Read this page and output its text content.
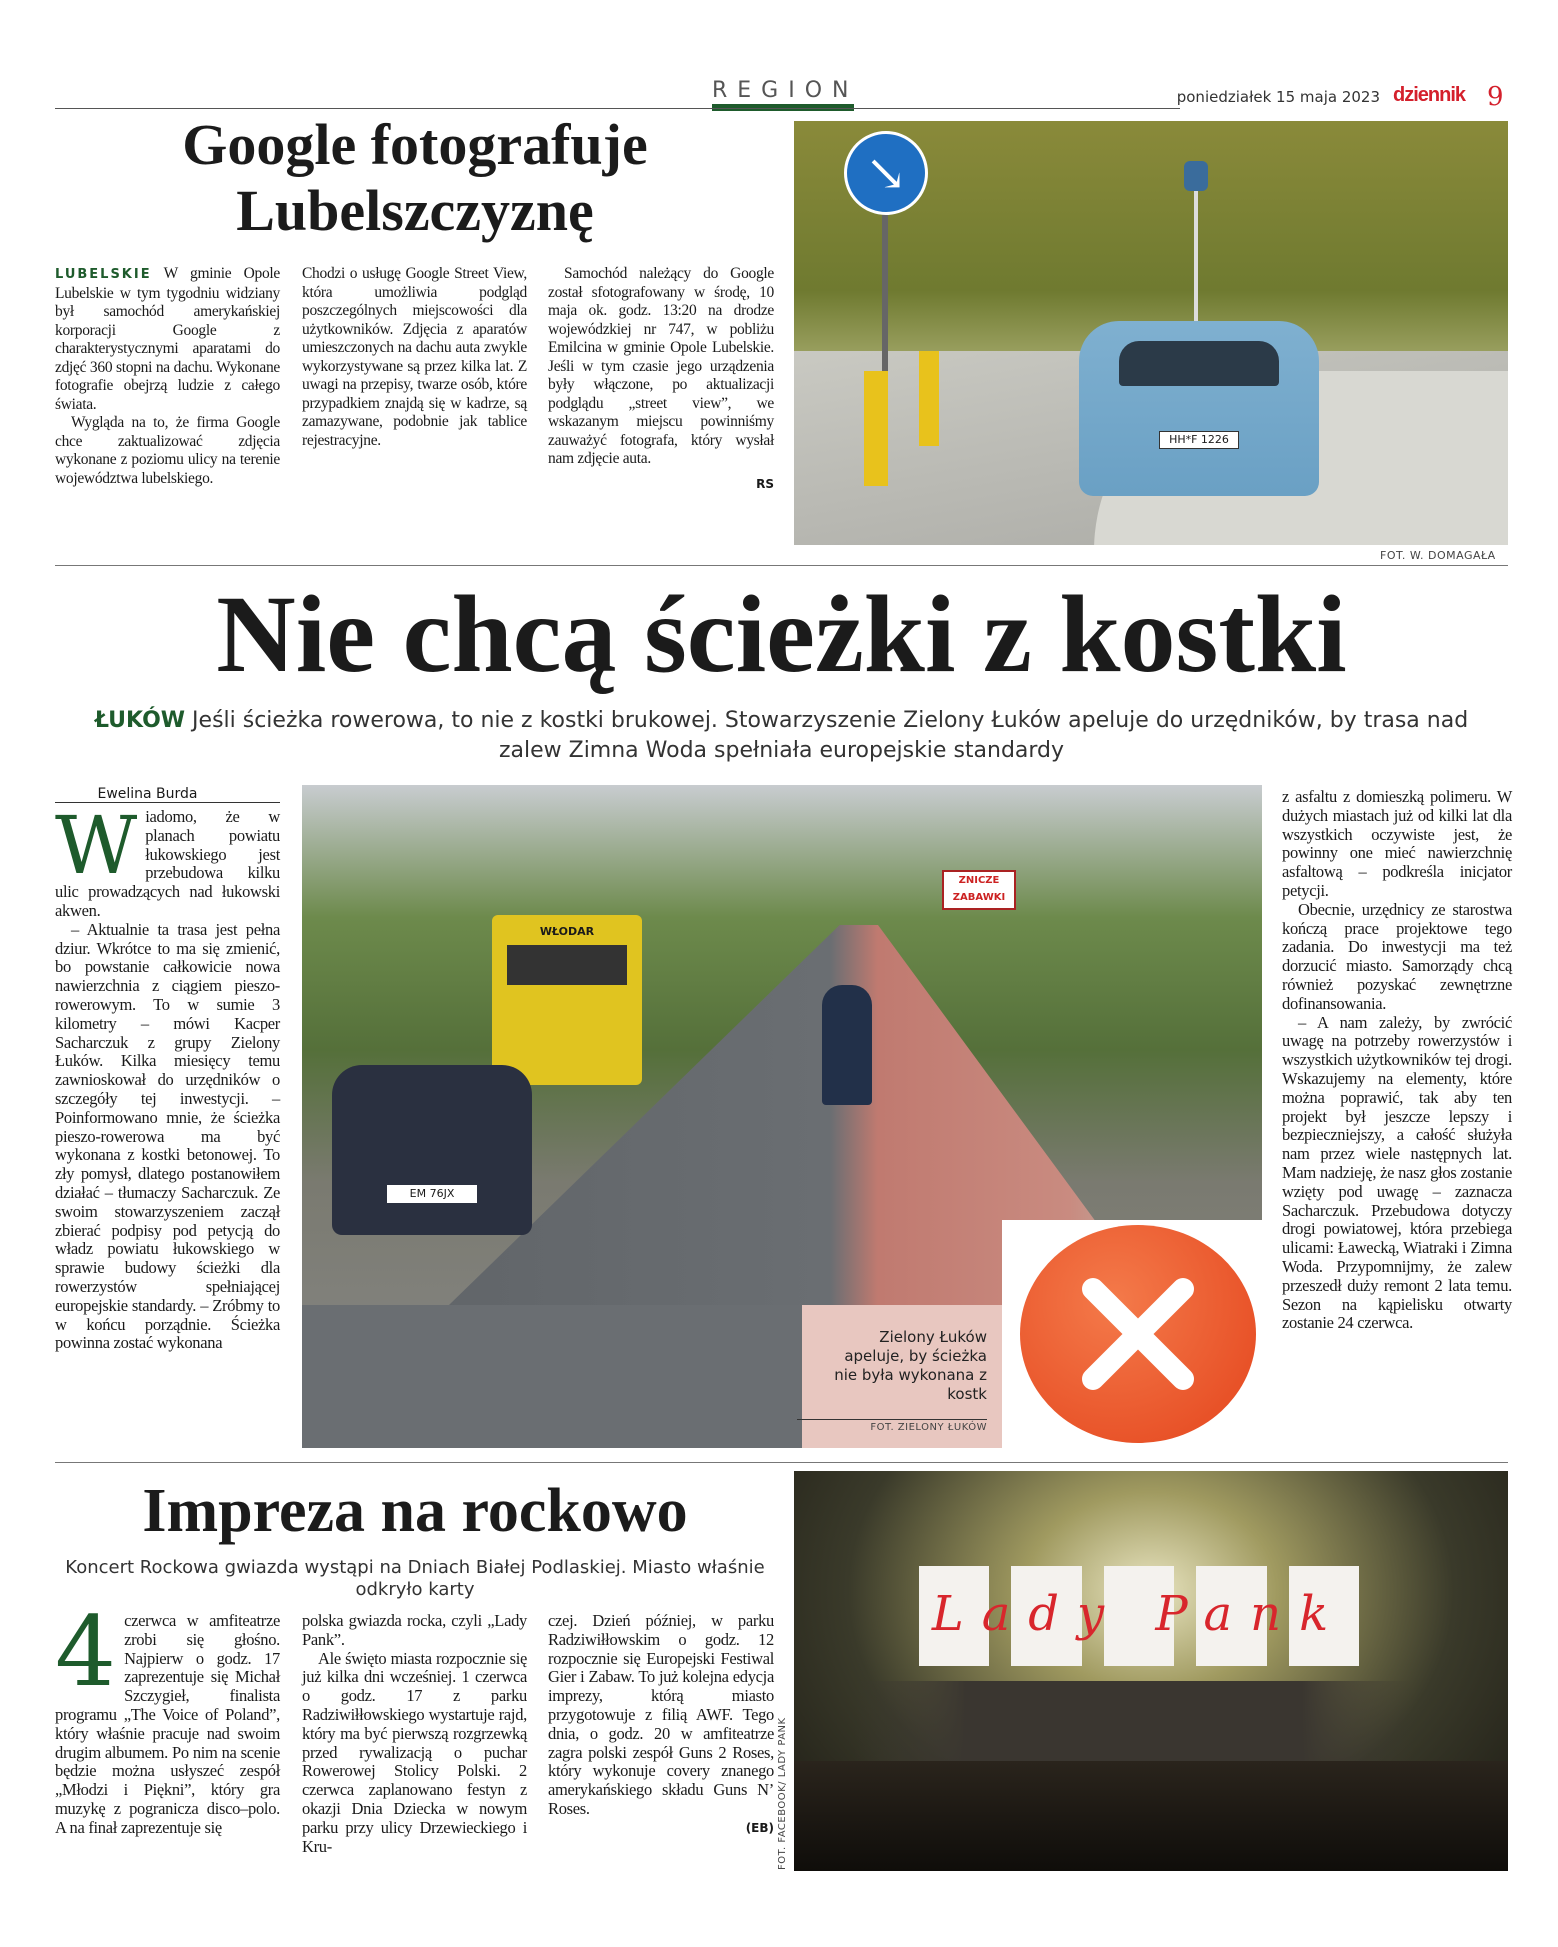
REGION	poniedziałek 15 maja 2023 dziennik 9
Google fotografuje Lubelszczyznę

LUBELSKIE W gminie Opole Lubelskie w tym tygodniu widziany był samochód amerykańskiej korporacji Google z charakterystycznymi aparatami do zdjęć 360 stopni na dachu. Wykonane fotografie obejrzą ludzie z całego świata.

Wygląda na to, że firma Google chce zaktualizować zdjęcia wykonane z poziomu ulicy na terenie województwa lubelskiego.

Chodzi o usługę Google Street View, która umożliwia podgląd poszczególnych miejscowości dla użytkowników. Zdjęcia z aparatów umieszczonych na dachu auta zwykle wykorzystywane są przez kilka lat. Z uwagi na przepisy, twarze osób, które przypadkiem znajdą się w kadrze, są zamazywane, podobnie jak tablice rejestracyjne.

Samochód należący do Google został sfotografowany w środę, 10 maja ok. godz. 13:20 na drodze wojewódzkiej nr 747, w pobliżu Emilcina w gminie Opole Lubelskie. Jeśli w tym czasie jego urządzenia były włączone, po aktualizacji podglądu „street view”, we wskazanym miejscu powinniśmy zauważyć fotografa, który wysłał nam zdjęcie auta.

RS
↘
HH*F 1226
FOT. W. DOMAGAŁA
Nie chcą ścieżki z kostki
ŁUKÓW Jeśli ścieżka rowerowa, to nie z kostki brukowej. Stowarzyszenie Zielony Łuków apeluje do urzędników, by trasa nad zalew Zimna Woda spełniała europejskie standardy
Ewelina Burda

Wiadomo, że w planach powiatu łukowskiego jest przebudowa kilku ulic prowadzących nad łukowski akwen.

– Aktualnie ta trasa jest pełna dziur. Wkrótce to ma się zmienić, bo powstanie całkowicie nowa nawierzchnia z ciągiem pieszo-rowerowym. To w sumie 3 kilometry – mówi Kacper Sacharczuk z grupy Zielony Łuków. Kilka miesięcy temu zawnioskował do urzędników o szczegóły tej inwestycji. – Poinformowano mnie, że ścieżka pieszo-rowerowa ma być wykonana z kostki betonowej. To zły pomysł, dlatego postanowiłem działać – tłumaczy Sacharczuk. Ze swoim stowarzyszeniem zaczął zbierać podpisy pod petycją do władz powiatu łukowskiego w sprawie budowy ścieżki dla rowerzystów spełniającej europejskie standardy. – Zróbmy to w końcu porządnie. Ścieżka powinna zostać wykonana

WŁODAR
EM 76JX
ZNICZE
ZABAWKI
Zielony Łuków apeluje, by ścieżka nie była wykonana z kostk
FOT. ZIELONY ŁUKÓW

z asfaltu z domieszką polimeru. W dużych miastach już od kilki lat dla wszystkich oczywiste jest, że powinny one mieć nawierzchnię asfaltową – podkreśla inicjator petycji.

Obecnie, urzędnicy ze starostwa kończą prace projektowe tego zadania. Do inwestycji ma też dorzucić miasto. Samorządy chcą również pozyskać zewnętrzne dofinansowania.

– A nam zależy, by zwrócić uwagę na potrzeby rowerzystów i wszystkich użytkowników tej drogi. Wskazujemy na elementy, które można poprawić, tak aby ten projekt był jeszcze lepszy i bezpieczniejszy, a całość służyła nam przez wiele następnych lat. Mam nadzieję, że nasz głos zostanie wzięty pod uwagę – zaznacza Sacharczuk. Przebudowa dotyczy drogi powiatowej, która przebiega ulicami: Ławecką, Wiatraki i Zimna Woda. Przypomnijmy, że zalew przeszedł duży remont 2 lata temu. Sezon na kąpielisku otwarty zostanie 24 czerwca.

Impreza na rockowo
Koncert Rockowa gwiazda wystąpi na Dniach Białej Podlaskiej. Miasto właśnie odkryło karty

4 czerwca w amfiteatrze zrobi się głośno. Najpierw o godz. 17 zaprezentuje się Michał Szczygieł, finalista programu „The Voice of Poland”, który właśnie pracuje nad swoim drugim albumem. Po nim na scenie będzie można usłyszeć zespół „Młodzi i Piękni”, który gra muzykę z pogranicza disco–polo. A na finał zaprezentuje się

polska gwiazda rocka, czyli „Lady Pank”.

Ale święto miasta rozpocznie się już kilka dni wcześniej. 1 czerwca o godz. 17 z parku Radziwiłłowskiego wystartuje rajd, który ma być pierwszą rozgrzewką przed rywalizacją o puchar Rowerowej Stolicy Polski. 2 czerwca zaplanowano festyn z okazji Dnia Dziecka w nowym parku przy ulicy Drzewieckiego i Kru-

czej. Dzień później, w parku Radziwiłłowskim o godz. 12 rozpocznie się Europejski Festiwal Gier i Zabaw. To już kolejna edycja imprezy, którą miasto przygotowuje z filią AWF. Tego dnia, o godz. 20 w amfiteatrze zagra polski zespół Guns 2 Roses, który wykonuje covery znanego amerykańskiego składu Guns N’ Roses.

(EB) FOT. FACEBOOK/ LADY PANK
Lady Pank
